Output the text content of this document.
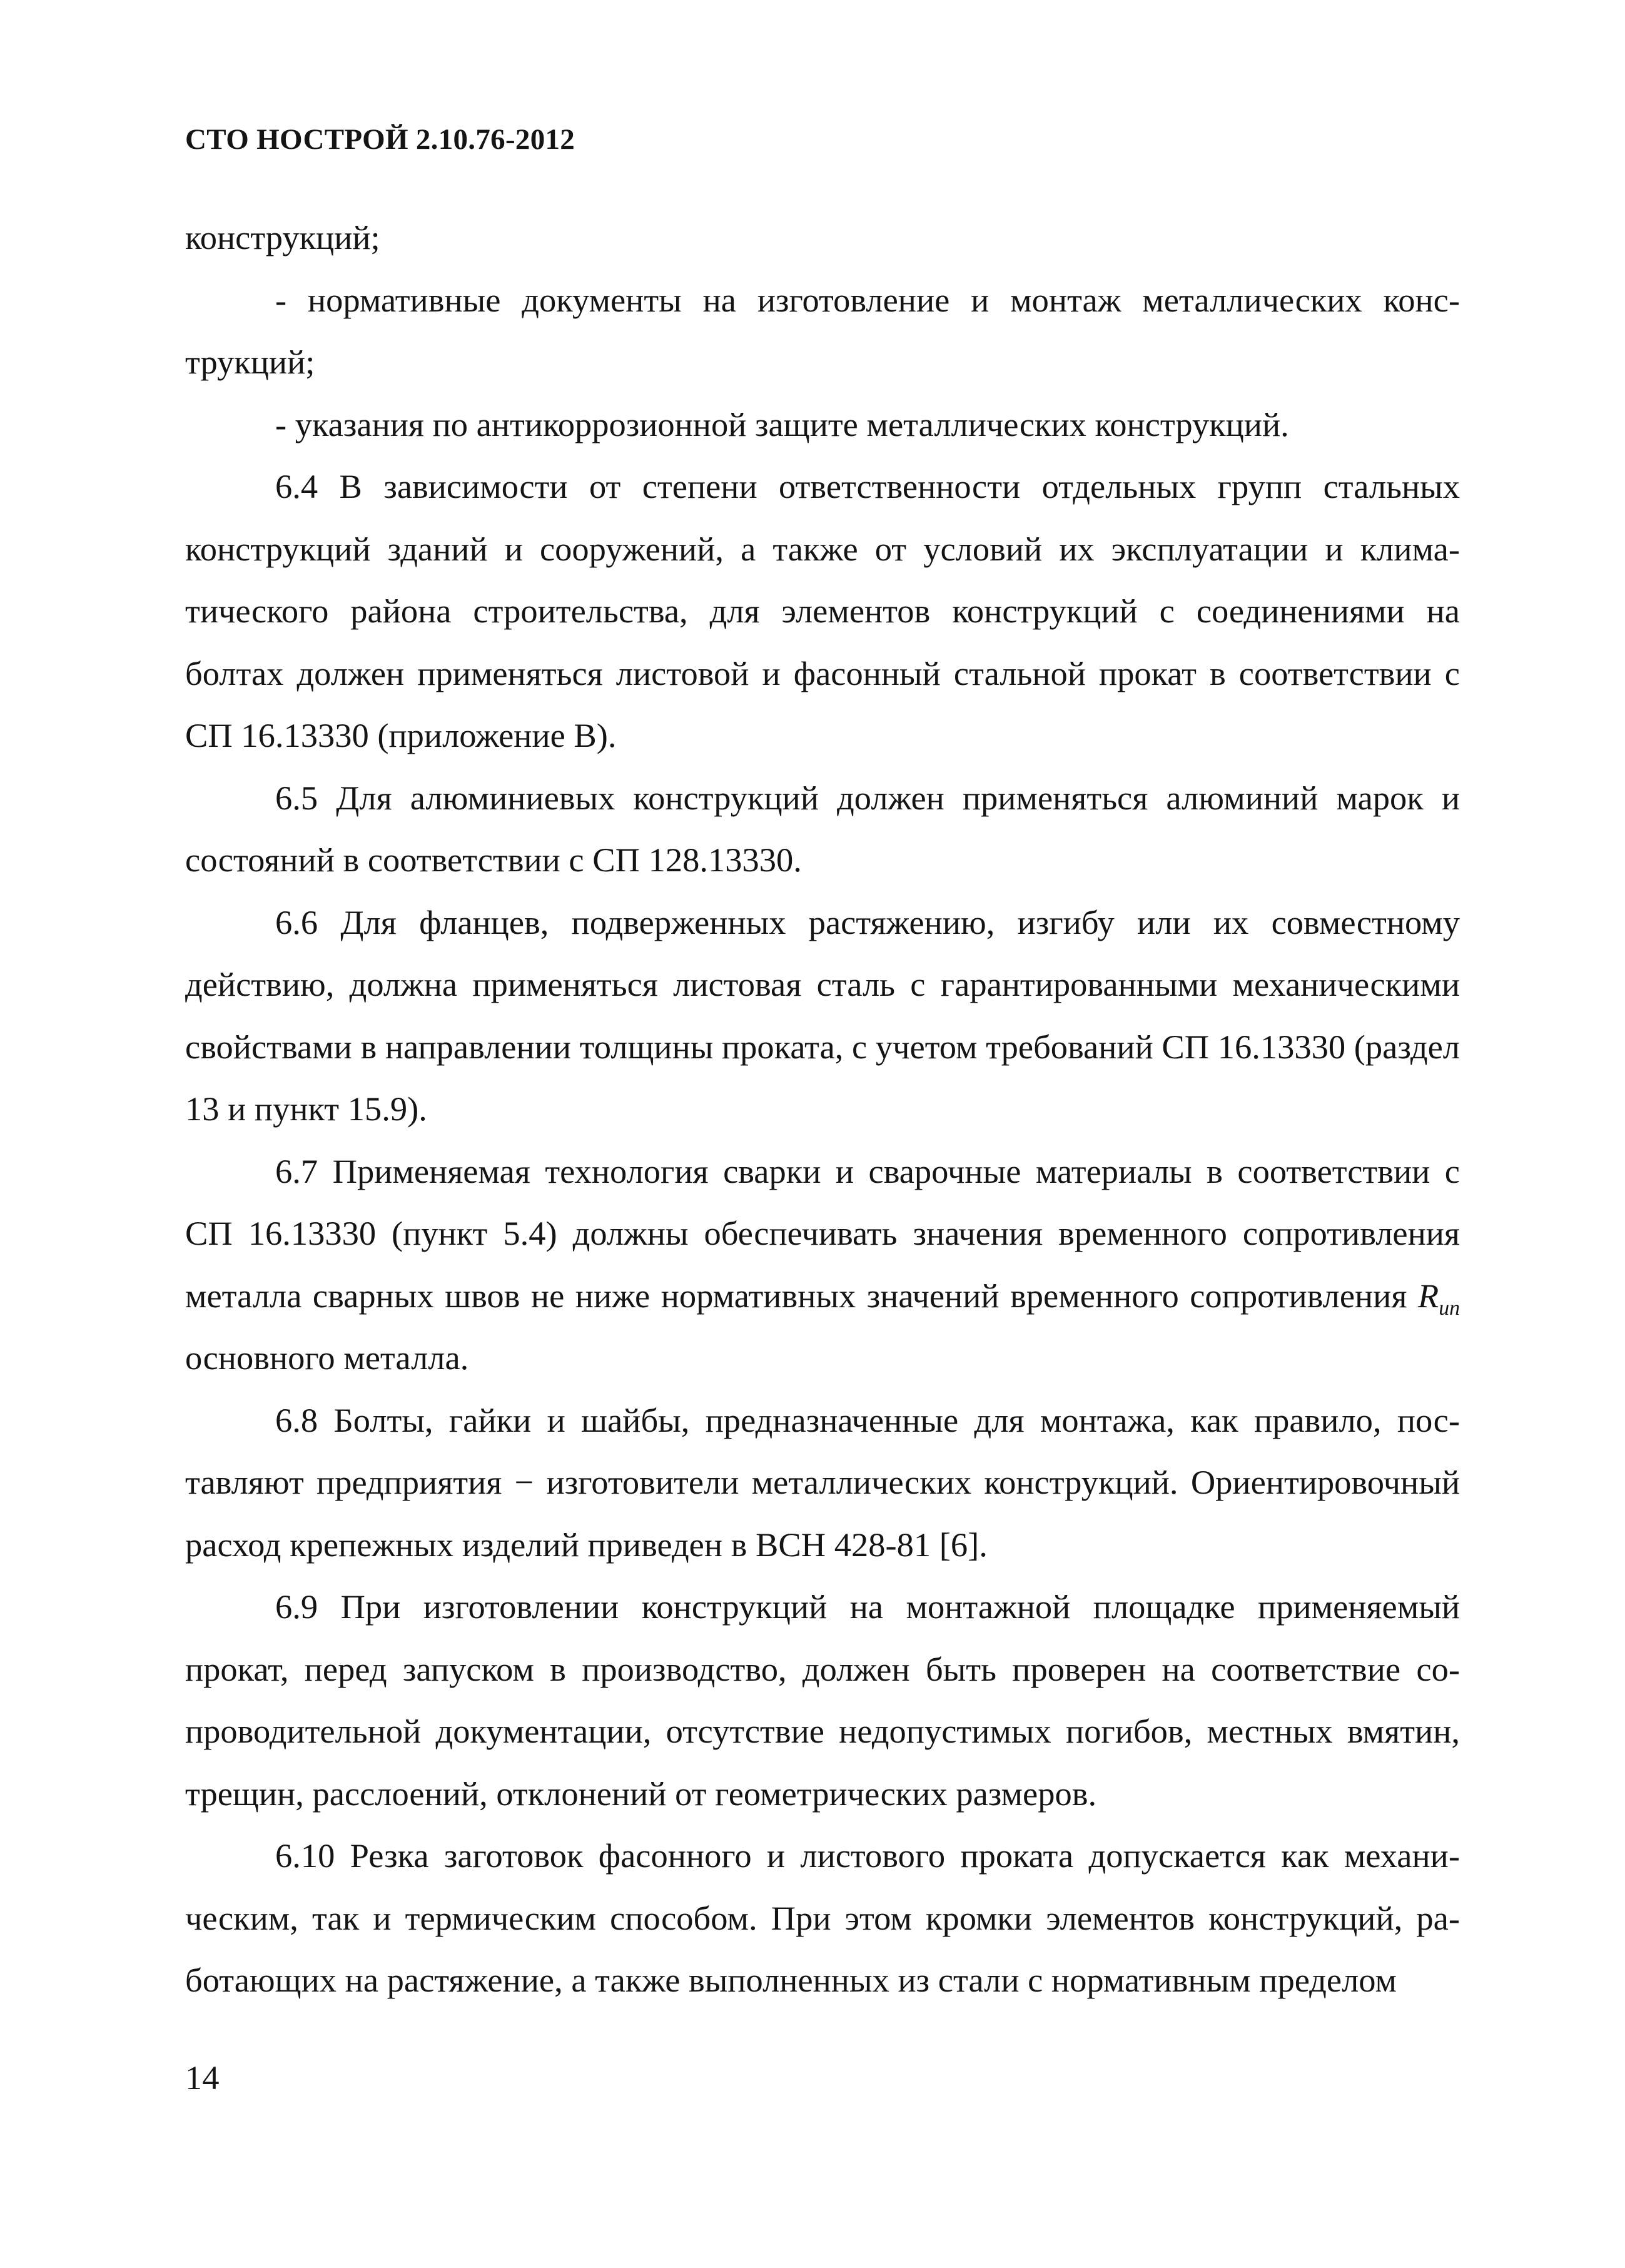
СТО НОСТРОЙ 2.10.76-2012

конструкций;

- нормативные документы на изготовление и монтаж металлических конструкций;

- указания по антикоррозионной защите металлических конструкций.

6.4 В зависимости от степени ответственности отдельных групп стальных конструкций зданий и сооружений, а также от условий их эксплуатации и климатического района строительства, для элементов конструкций с соединениями на болтах должен применяться листовой и фасонный стальной прокат в соответствии с СП 16.13330 (приложение В).

6.5 Для алюминиевых конструкций должен применяться алюминий марок и состояний в соответствии с СП 128.13330.

6.6 Для фланцев, подверженных растяжению, изгибу или их совместному действию, должна применяться листовая сталь с гарантированными механическими свойствами в направлении толщины проката, с учетом требований СП 16.13330 (раздел 13 и пункт 15.9).

6.7 Применяемая технология сварки и сварочные материалы в соответствии с СП 16.13330 (пункт 5.4) должны обеспечивать значения временного сопротивления металла сварных швов не ниже нормативных значений временного сопротивления $R_{un}$ основного металла.

6.8 Болты, гайки и шайбы, предназначенные для монтажа, как правило, поставляют предприятия − изготовители металлических конструкций. Ориентировочный расход крепежных изделий приведен в ВСН 428-81 [6].

6.9 При изготовлении конструкций на монтажной площадке применяемый прокат, перед запуском в производство, должен быть проверен на соответствие сопроводительной документации, отсутствие недопустимых погибов, местных вмятин, трещин, расслоений, отклонений от геометрических размеров.

6.10 Резка заготовок фасонного и листового проката допускается как механическим, так и термическим способом. При этом кромки элементов конструкций, работающих на растяжение, а также выполненных из стали с нормативным пределом

14
